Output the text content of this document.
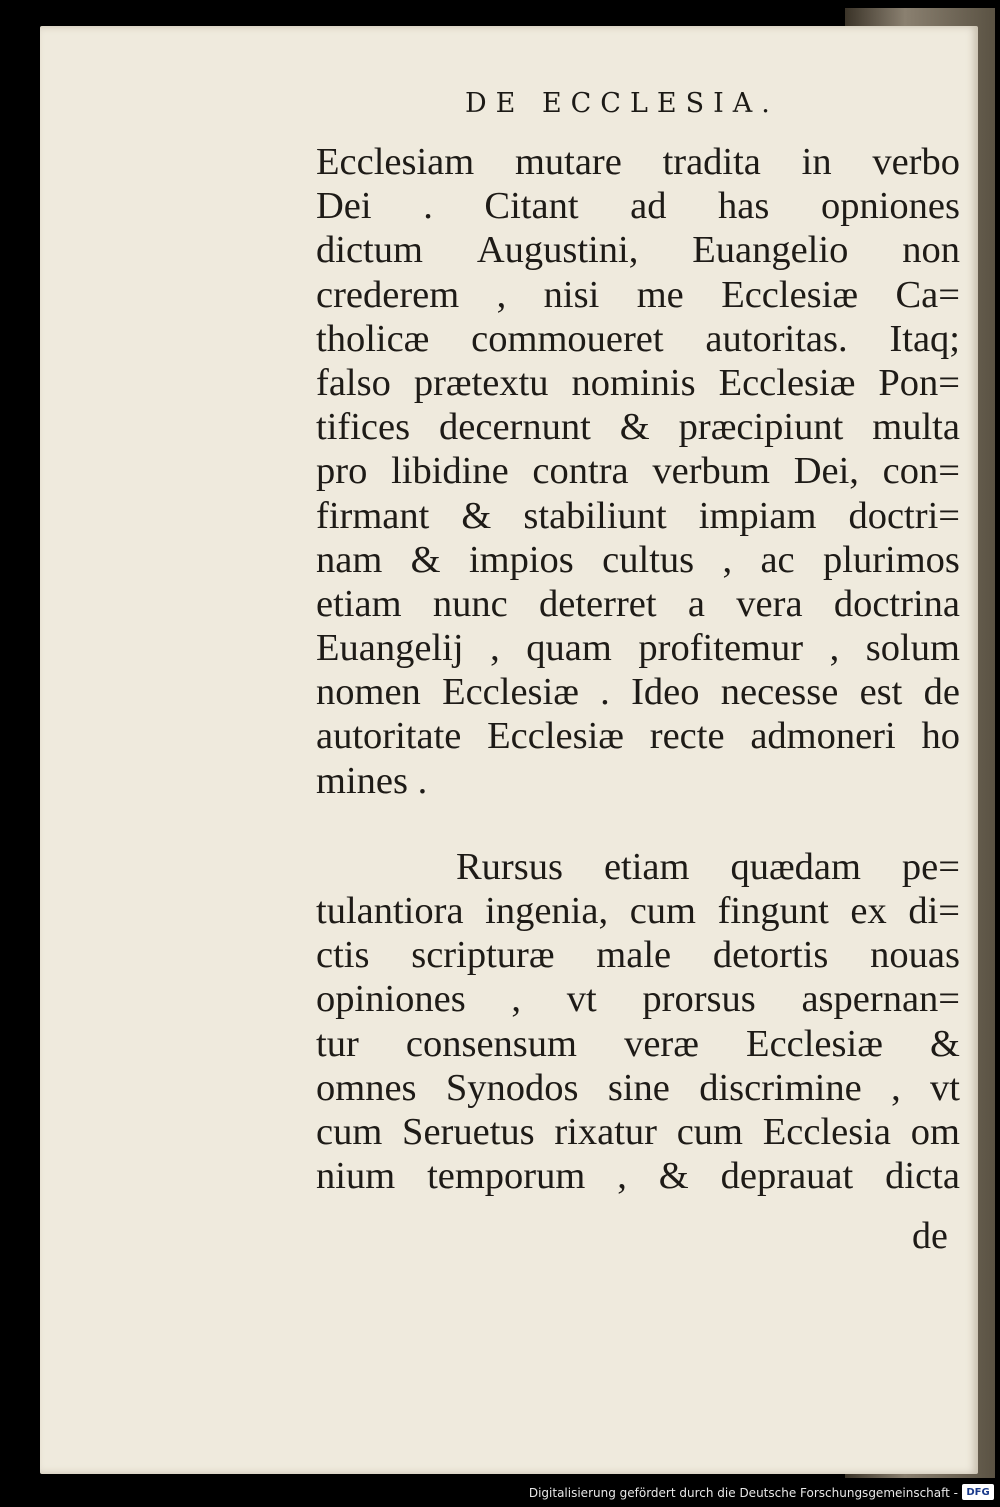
DE ECCLESIA.
Ecclesiam mutare tradita in verbo
Dei . Citant ad has opniones
dictum Augustini, Euangelio non
crederem , nisi me Ecclesiæ Ca=
tholicæ commoueret autoritas. Itaq;
falso prætextu nominis Ecclesiæ Pon=
tifices decernunt & præcipiunt multa
pro libidine contra verbum Dei, con=
firmant & stabiliunt impiam doctri=
nam & impios cultus , ac plurimos
etiam nunc deterret a vera doctrina
Euangelij , quam profitemur , solum
nomen Ecclesiæ . Ideo necesse est de
autoritate Ecclesiæ recte admoneri ho
mines .
Rursus etiam quædam pe=
tulantiora ingenia, cum fingunt ex di=
ctis scripturæ male detortis nouas
opiniones , vt prorsus aspernan=
tur consensum veræ Ecclesiæ &
omnes Synodos sine discrimine , vt
cum Seruetus rixatur cum Ecclesia om
nium temporum , & deprauat dicta
de
Digitalisierung gefördert durch die Deutsche Forschungsgemeinschaft - DFG
